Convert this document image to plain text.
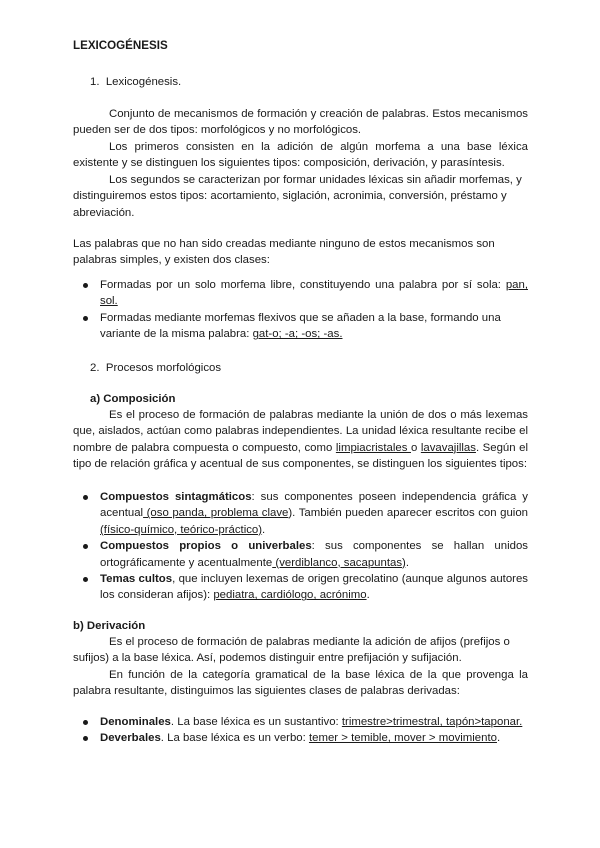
LEXICOGÉNESIS
1. Lexicogénesis.
Conjunto de mecanismos de formación y creación de palabras. Estos mecanismos pueden ser de dos tipos: morfológicos y no morfológicos.
Los primeros consisten en la adición de algún morfema a una base léxica existente y se distinguen los siguientes tipos: composición, derivación, y parasíntesis.
Los segundos se caracterizan por formar unidades léxicas sin añadir morfemas, y distinguiremos estos tipos: acortamiento, siglación, acronimia, conversión, préstamo y abreviación.
Las palabras que no han sido creadas mediante ninguno de estos mecanismos son palabras simples, y existen dos clases:
Formadas por un solo morfema libre, constituyendo una palabra por sí sola: pan, sol.
Formadas mediante morfemas flexivos que se añaden a la base, formando una variante de la misma palabra: gat-o; -a; -os; -as.
2. Procesos morfológicos
a) Composición
Es el proceso de formación de palabras mediante la unión de dos o más lexemas que, aislados, actúan como palabras independientes. La unidad léxica resultante recibe el nombre de palabra compuesta o compuesto, como limpiacristales o lavavajillas. Según el tipo de relación gráfica y acentual de sus componentes, se distinguen los siguientes tipos:
Compuestos sintagmáticos: sus componentes poseen independencia gráfica y acentual (oso panda, problema clave). También pueden aparecer escritos con guion (físico-químico, teórico-práctico).
Compuestos propios o univerbales: sus componentes se hallan unidos ortográficamente y acentualmente (verdiblanco, sacapuntas).
Temas cultos, que incluyen lexemas de origen grecolatino (aunque algunos autores los consideran afijos): pediatra, cardiólogo, acrónimo.
b) Derivación
Es el proceso de formación de palabras mediante la adición de afijos (prefijos o sufijos) a la base léxica. Así, podemos distinguir entre prefijación y sufijación.
En función de la categoría gramatical de la base léxica de la que provenga la palabra resultante, distinguimos las siguientes clases de palabras derivadas:
Denominales. La base léxica es un sustantivo: trimestre>trimestral, tapón>taponar.
Deverbales. La base léxica es un verbo: temer > temible, mover > movimiento.
